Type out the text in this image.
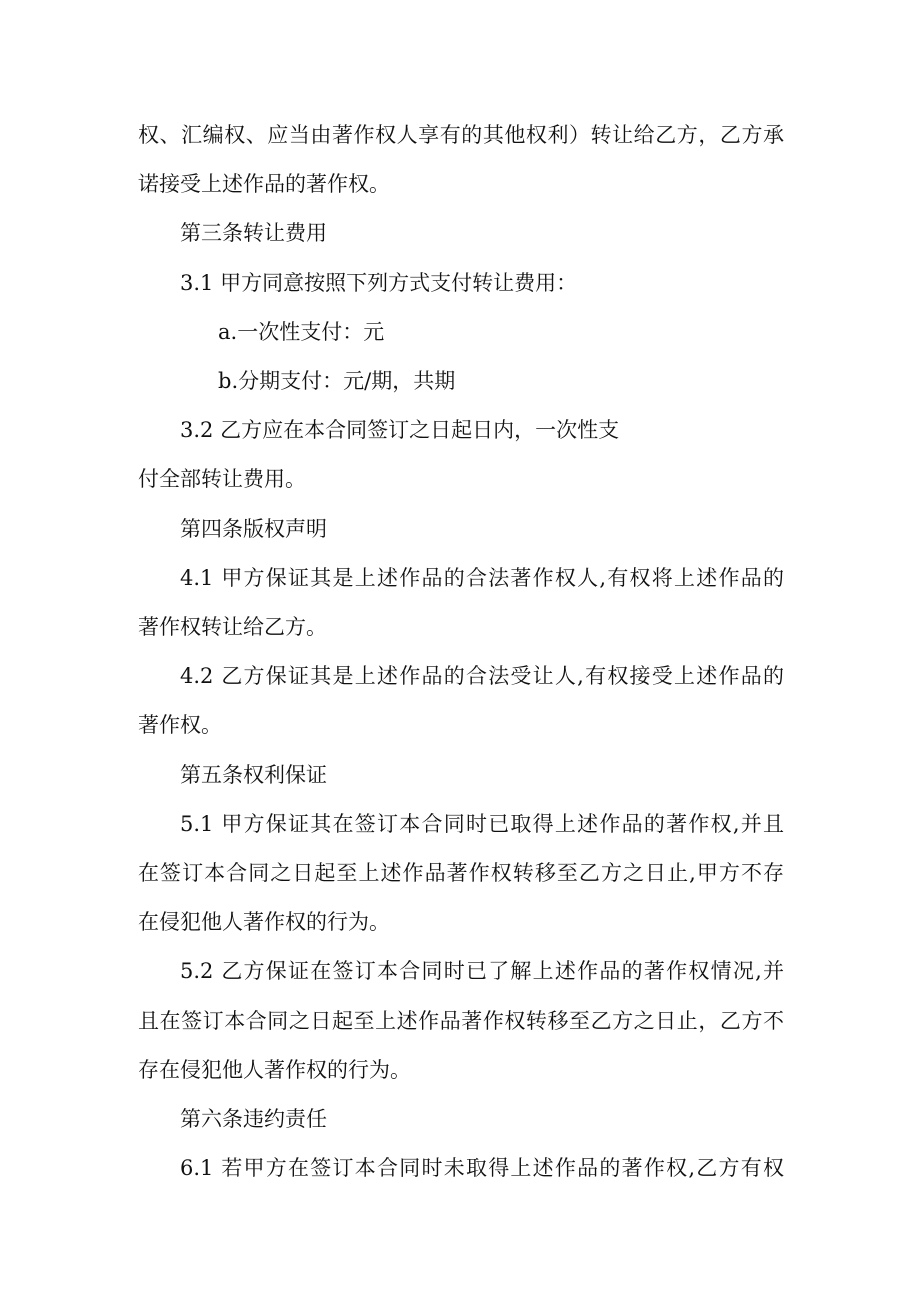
权、汇编权、应当由著作权人享有的其他权利）转让给乙方，乙方承
诺接受上述作品的著作权。
第三条转让费用
3.1 甲方同意按照下列方式支付转让费用：
a.一次性支付：元
b.分期支付：元/期，共期
3.2 乙方应在本合同签订之日起日内，一次性支
付全部转让费用。
第四条版权声明
4.1 甲方保证其是上述作品的合法著作权人,有权将上述作品的
著作权转让给乙方。
4.2 乙方保证其是上述作品的合法受让人,有权接受上述作品的
著作权。
第五条权利保证
5.1 甲方保证其在签订本合同时已取得上述作品的著作权,并且
在签订本合同之日起至上述作品著作权转移至乙方之日止,甲方不存
在侵犯他人著作权的行为。
5.2 乙方保证在签订本合同时已了解上述作品的著作权情况,并
且在签订本合同之日起至上述作品著作权转移至乙方之日止，乙方不
存在侵犯他人著作权的行为。
第六条违约责任
6.1 若甲方在签订本合同时未取得上述作品的著作权,乙方有权
